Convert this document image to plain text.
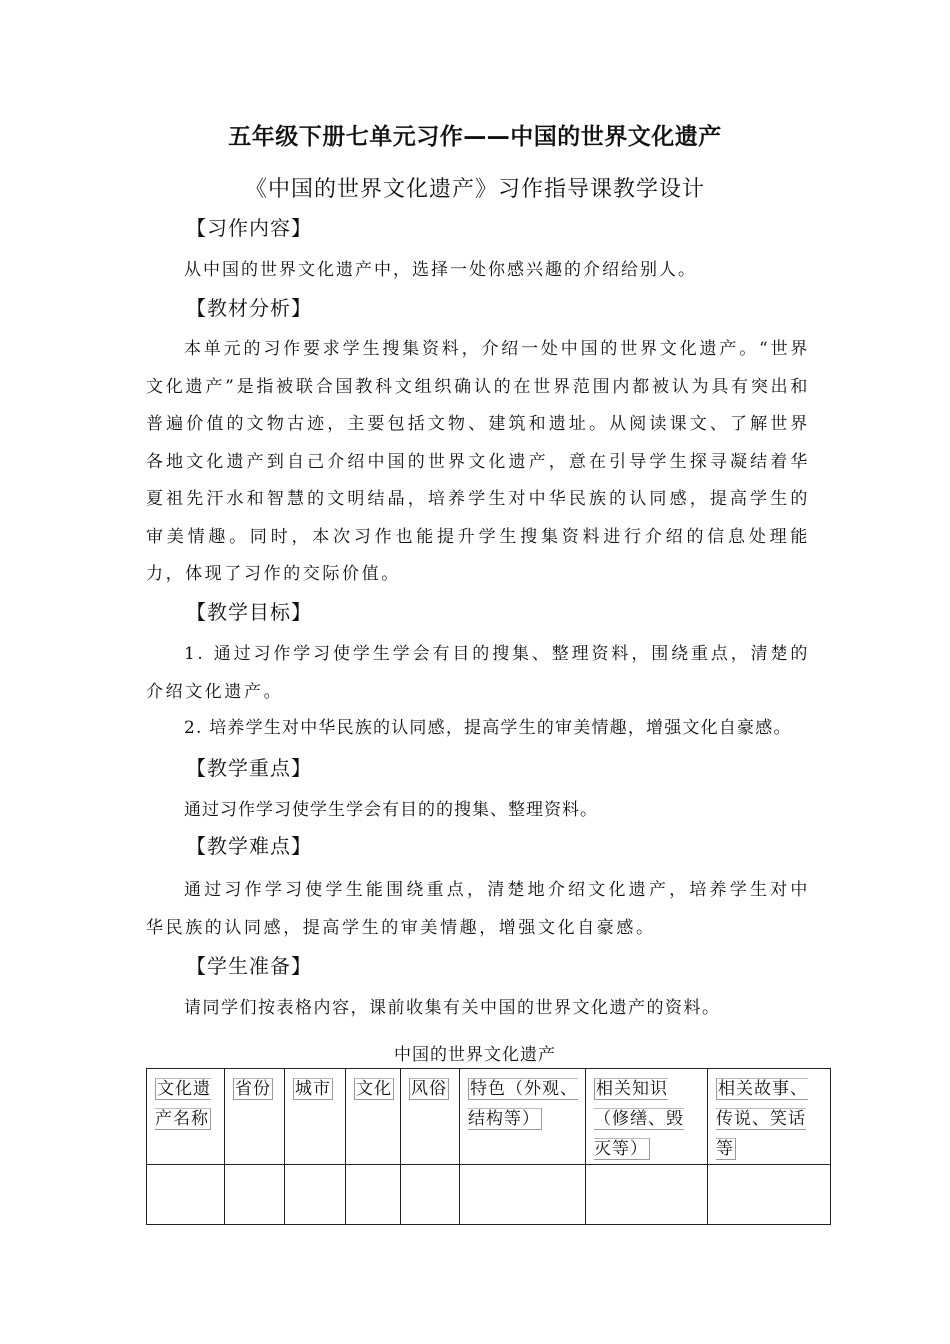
五年级下册七单元习作——中国的世界文化遗产
《中国的世界文化遗产》习作指导课教学设计
【习作内容】
从中国的世界文化遗产中，选择一处你感兴趣的介绍给别人。
【教材分析】
本单元的习作要求学生搜集资料，介绍一处中国的世界文化遗产。“世界文化遗产”是指被联合国教科文组织确认的在世界范围内都被认为具有突出和普遍价值的文物古迹，主要包括文物、建筑和遗址。从阅读课文、了解世界各地文化遗产到自己介绍中国的世界文化遗产，意在引导学生探寻凝结着华夏祖先汗水和智慧的文明结晶，培养学生对中华民族的认同感，提高学生的审美情趣。同时，本次习作也能提升学生搜集资料进行介绍的信息处理能力，体现了习作的交际价值。
【教学目标】
1. 通过习作学习使学生学会有目的搜集、整理资料，围绕重点，清楚的介绍文化遗产。
2. 培养学生对中华民族的认同感，提高学生的审美情趣，增强文化自豪感。
【教学重点】
通过习作学习使学生学会有目的的搜集、整理资料。
【教学难点】
通过习作学习使学生能围绕重点，清楚地介绍文化遗产，培养学生对中华民族的认同感，提高学生的审美情趣，增强文化自豪感。
【学生准备】
请同学们按表格内容，课前收集有关中国的世界文化遗产的资料。
中国的世界文化遗产
文化遗产名称	省份	城市	文化	风俗	特色（外观、结构等）	相关知识（修缮、毁灭等）	相关故事、传说、笑话等
